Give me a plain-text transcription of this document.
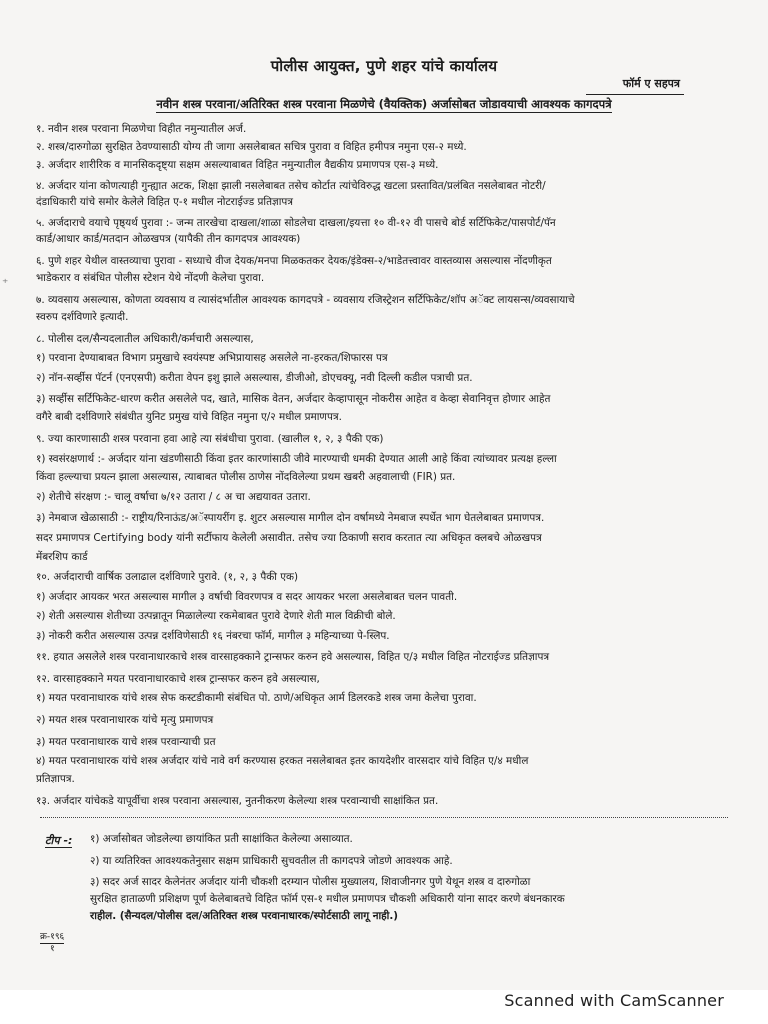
पोलीस आयुक्त, पुणे शहर यांचे कार्यालय
फॉर्म ए सहपत्र
नवीन शस्त्र परवाना/अतिरिक्त शस्त्र परवाना मिळणेचे (वैयक्तिक) अर्जासोबत जोडावयाची आवश्यक कागदपत्रे
⁺
१. नवीन शस्त्र परवाना मिळणेचा विहीत नमुन्यातील अर्ज.
२. शस्त्र/दारुगोळा सुरक्षित ठेवण्यासाठी योग्य ती जागा असलेबाबत सचित्र पुरावा व विहित हमीपत्र नमुना एस-२ मध्ये.
३. अर्जदार शारीरिक व मानसिकदृष्ट्या सक्षम असल्याबाबत विहित नमुन्यातील वैद्यकीय प्रमाणपत्र एस-३ मध्ये.
४. अर्जदार यांना कोणत्याही गुन्ह्यात अटक, शिक्षा झाली नसलेबाबत तसेच कोर्टात त्यांचेविरुद्ध खटला प्रस्तावित/प्रलंबित नसलेबाबत नोटरी/
दंडाधिकारी यांचे समोर केलेले विहित ए-१ मधील नोटराईज्ड प्रतिज्ञापत्र
५. अर्जदाराचे वयाचे पृष्ठ्यर्थ पुरावा :- जन्म तारखेचा दाखला/शाळा सोडलेचा दाखला/इयत्ता १० वी-१२ वी पासचे बोर्ड सर्टिफिकेट/पासपोर्ट/पॅन
कार्ड/आधार कार्ड/मतदान ओळखपत्र (यापैकी तीन कागदपत्र आवश्यक)
६. पुणे शहर येथील वास्तव्याचा पुरावा - सध्याचे वीज देयक/मनपा मिळकतकर देयक/इंडेक्स-२/भाडेतत्त्वावर वास्तव्यास असल्यास नोंदणीकृत
भाडेकरार व संबंधित पोलीस स्टेशन येथे नोंदणी केलेचा पुरावा.
७. व्यवसाय असल्यास, कोणता व्यवसाय व त्यासंदर्भातील आवश्यक कागदपत्रे - व्यवसाय रजिस्ट्रेशन सर्टिफिकेट/शॉप अॅक्ट लायसन्स/व्यवसायाचे
स्वरुप दर्शविणारे इत्यादी.
८. पोलीस दल/सैन्यदलातील अधिकारी/कर्मचारी असल्यास,
१) परवाना देण्याबाबत विभाग प्रमुखाचे स्वयंस्पष्ट अभिप्रायासह असलेले ना-हरकत/शिफारस पत्र
२) नॉन-सर्व्हीस पॅटर्न (एनएसपी) करीता वेपन इशु झाले असल्यास, डीजीओ, डोएचक्यू, नवी दिल्ली कडील पत्राची प्रत.
३) सर्व्हीस सर्टिफिकेट-धारण करीत असलेले पद, खाते, मासिक वेतन, अर्जदार केव्हापासून नोकरीस आहेत व केव्हा सेवानिवृत्त होणार आहेत
वगैरे बाबी दर्शविणारे संबंधीत युनिट प्रमुख यांचे विहित नमुना ए/२ मधील प्रमाणपत्र.
९. ज्या कारणासाठी शस्त्र परवाना हवा आहे त्या संबंधीचा पुरावा. (खालील १, २, ३ पैकी एक)
१) स्वसंरक्षणार्थ :- अर्जदार यांना खंडणीसाठी किंवा इतर कारणांसाठी जीवे मारण्याची धमकी देण्यात आली आहे किंवा त्यांच्यावर प्रत्यक्ष हल्ला
किंवा हल्ल्याचा प्रयत्न झाला असल्यास, त्याबाबत पोलीस ठाणेस नोंदविलेल्या प्रथम खबरी अहवालाची (FIR) प्रत.
२) शेतीचे संरक्षण :- चालू वर्षाचा ७/१२ उतारा / ८ अ चा अद्ययावत उतारा.
३) नेमबाज खेळासाठी :- राष्ट्रीय/रिनाऊंड/अॅस्पायरींग इ. शुटर असल्यास मागील दोन वर्षामध्ये नेमबाज स्पर्धेत भाग घेतलेबाबत प्रमाणपत्र.
सदर प्रमाणपत्र Certifying body यांनी सर्टीफाय केलेली असावीत. तसेच ज्या ठिकाणी सराव करतात त्या अधिकृत क्लबचे ओळखपत्र
मेंबरशिप कार्ड
१०. अर्जदाराची वार्षिक उलाढाल दर्शविणारे पुरावे. (१, २, ३ पैकी एक)
१) अर्जदार आयकर भरत असल्यास मागील ३ वर्षाची विवरणपत्र व सदर आयकर भरला असलेबाबत चलन पावती.
२) शेती असल्यास शेतीच्या उत्पन्नातून मिळालेल्या रकमेबाबत पुरावे देणारे शेती माल विक्रीची बोले.
३) नोकरी करीत असल्यास उत्पन्न दर्शविणेसाठी १६ नंबरचा फॉर्म, मागील ३ महिन्याच्या पे-स्लिप.
११. हयात असलेले शस्त्र परवानाधारकाचे शस्त्र वारसाहक्काने ट्रान्सफर करुन हवे असल्यास, विहित ए/३ मधील विहित नोटराईज्ड प्रतिज्ञापत्र
१२. वारसाहक्काने मयत परवानाधारकाचे शस्त्र ट्रान्सफर करुन हवे असल्यास,
१) मयत परवानाधारक यांचे शस्त्र सेफ कस्टडीकामी संबंधित पो. ठाणे/अधिकृत आर्म डिलरकडे शस्त्र जमा केलेचा पुरावा.
२) मयत शस्त्र परवानाधारक यांचे मृत्यु प्रमाणपत्र
३) मयत परवानाधारक याचे शस्त्र परवान्याची प्रत
४) मयत परवानाधारक यांचे शस्त्र अर्जदार यांचे नावे वर्ग करण्यास हरकत नसलेबाबत इतर कायदेशीर वारसदार यांचे विहित ए/४ मधील
प्रतिज्ञापत्र.
१३. अर्जदार यांचेकडे यापूर्वीचा शस्त्र परवाना असल्यास, नुतनीकरण केलेल्या शस्त्र परवान्याची साक्षांकित प्रत.
टीप -: १) अर्जासोबत जोडलेल्या छायांकित प्रती साक्षांकित केलेल्या असाव्यात.
२) या व्यतिरिक्त आवश्यकतेनुसार सक्षम प्राधिकारी सुचवतील ती कागदपत्रे जोडणे आवश्यक आहे.
३) सदर अर्ज सादर केलेनंतर अर्जदार यांनी चौकशी दरम्यान पोलीस मुख्यालय, शिवाजीनगर पुणे येथून शस्त्र व दारुगोळा
सुरक्षित हाताळणी प्रशिक्षण पूर्ण केलेबाबतचे विहित फॉर्म एस-१ मधील प्रमाणपत्र चौकशी अधिकारी यांना सादर करणे बंधनकारक
राहील. (सैन्यदल/पोलीस दल/अतिरिक्त शस्त्र परवानाधारक/स्पोर्टसाठी लागू नाही.)
क्र-१९६
१
Scanned with CamScanner
